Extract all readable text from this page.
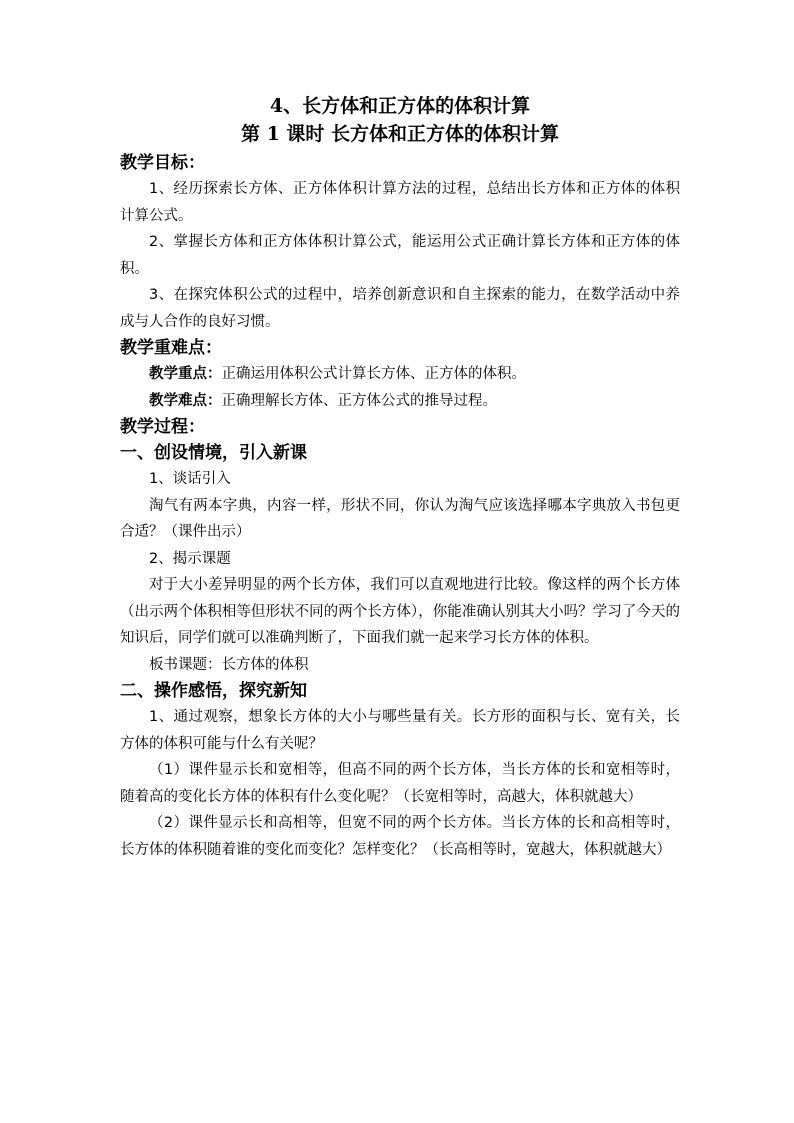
4、长方体和正方体的体积计算
第 1 课时 长方体和正方体的体积计算
教学目标：
1、经历探索长方体、正方体体积计算方法的过程，总结出长方体和正方体的体积计算公式。
2、掌握长方体和正方体体积计算公式，能运用公式正确计算长方体和正方体的体积。
3、在探究体积公式的过程中，培养创新意识和自主探索的能力，在数学活动中养成与人合作的良好习惯。
教学重难点：
教学重点：正确运用体积公式计算长方体、正方体的体积。
教学难点：正确理解长方体、正方体公式的推导过程。
教学过程：
一、创设情境，引入新课
1、谈话引入
淘气有两本字典，内容一样，形状不同，你认为淘气应该选择哪本字典放入书包更合适？（课件出示）
2、揭示课题
对于大小差异明显的两个长方体，我们可以直观地进行比较。像这样的两个长方体（出示两个体积相等但形状不同的两个长方体），你能准确认别其大小吗？学习了今天的知识后，同学们就可以准确判断了，下面我们就一起来学习长方体的体积。
板书课题：长方体的体积
二、操作感悟，探究新知
1、通过观察，想象长方体的大小与哪些量有关。长方形的面积与长、宽有关，长方体的体积可能与什么有关呢？
（1）课件显示长和宽相等，但高不同的两个长方体，当长方体的长和宽相等时，随着高的变化长方体的体积有什么变化呢？（长宽相等时，高越大，体积就越大）
（2）课件显示长和高相等，但宽不同的两个长方体。当长方体的长和高相等时，长方体的体积随着谁的变化而变化？怎样变化？（长高相等时，宽越大，体积就越大）
